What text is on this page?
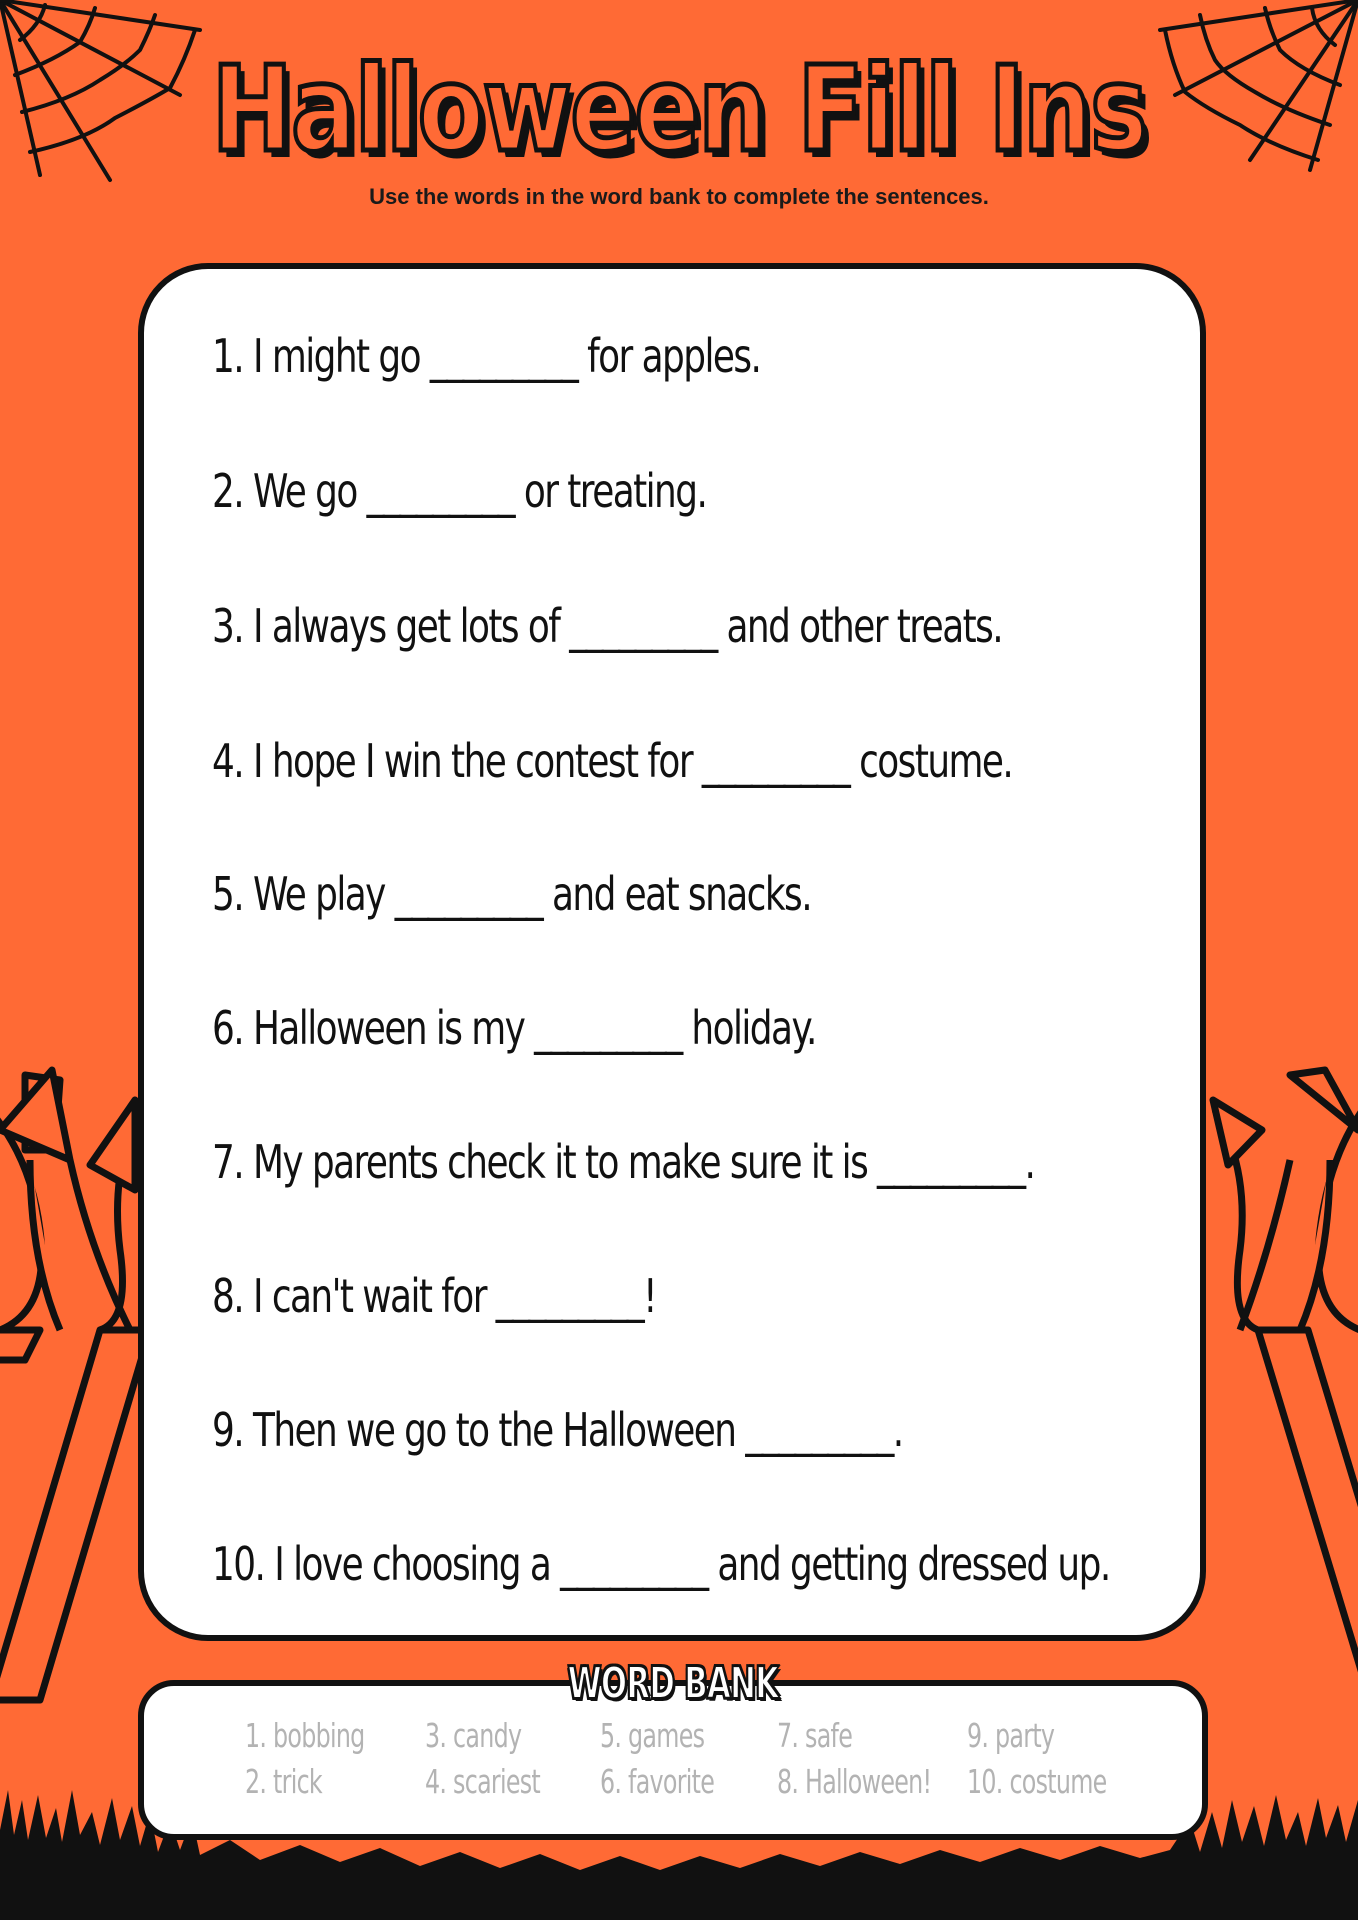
Halloween Fill Ins
Use the words in the word bank to complete the sentences.
1. I might go _________ for apples.
2. We go _________ or treating.
3. I always get lots of _________ and other treats.
4. I hope I win the contest for _________ costume.
5. We play _________ and eat snacks.
6. Halloween is my _________ holiday.
7. My parents check it to make sure it is _________.
8. I can't wait for _________!
9. Then we go to the Halloween _________.
10. I love choosing a _________ and getting dressed up.
WORD BANK
1. bobbing
2. trick
3. candy
4. scariest
5. games
6. favorite
7. safe
8. Halloween!
9. party
10. costume
